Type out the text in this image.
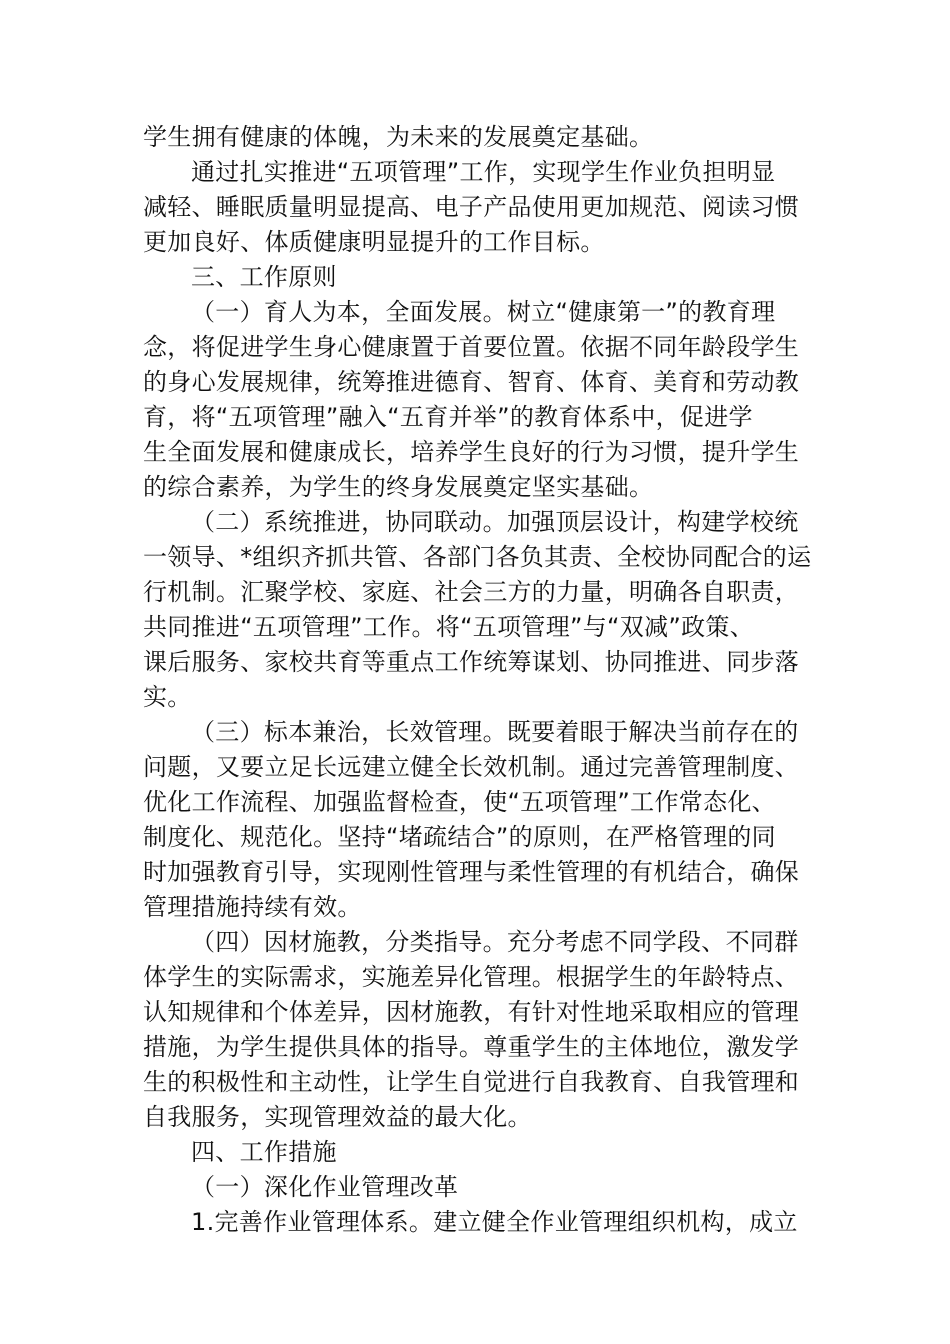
学生拥有健康的体魄，为未来的发展奠定基础。
通过扎实推进“五项管理”工作，实现学生作业负担明显
减轻、睡眠质量明显提高、电子产品使用更加规范、阅读习惯
更加良好、体质健康明显提升的工作目标。
三、工作原则
（一）育人为本，全面发展。树立“健康第一”的教育理
念，将促进学生身心健康置于首要位置。依据不同年龄段学生
的身心发展规律，统筹推进德育、智育、体育、美育和劳动教
育，将“五项管理”融入“五育并举”的教育体系中，促进学
生全面发展和健康成长，培养学生良好的行为习惯，提升学生
的综合素养，为学生的终身发展奠定坚实基础。
（二）系统推进，协同联动。加强顶层设计，构建学校统
一领导、*组织齐抓共管、各部门各负其责、全校协同配合的运
行机制。汇聚学校、家庭、社会三方的力量，明确各自职责，
共同推进“五项管理”工作。将“五项管理”与“双减”政策、
课后服务、家校共育等重点工作统筹谋划、协同推进、同步落
实。
（三）标本兼治，长效管理。既要着眼于解决当前存在的
问题，又要立足长远建立健全长效机制。通过完善管理制度、
优化工作流程、加强监督检查，使“五项管理”工作常态化、
制度化、规范化。坚持“堵疏结合”的原则，在严格管理的同
时加强教育引导，实现刚性管理与柔性管理的有机结合，确保
管理措施持续有效。
（四）因材施教，分类指导。充分考虑不同学段、不同群
体学生的实际需求，实施差异化管理。根据学生的年龄特点、
认知规律和个体差异，因材施教，有针对性地采取相应的管理
措施，为学生提供具体的指导。尊重学生的主体地位，激发学
生的积极性和主动性，让学生自觉进行自我教育、自我管理和
自我服务，实现管理效益的最大化。
四、工作措施
（一）深化作业管理改革
1.完善作业管理体系。建立健全作业管理组织机构，成立
